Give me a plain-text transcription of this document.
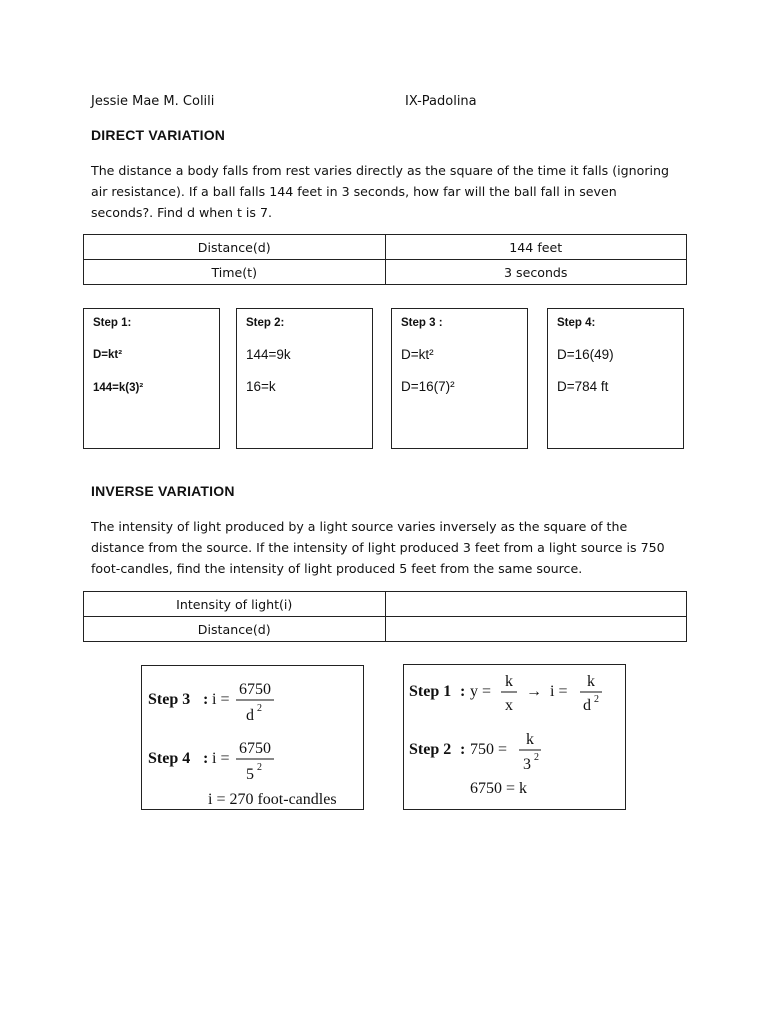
Jessie Mae M. Colili	IX-Padolina
DIRECT VARIATION
The distance a body falls from rest varies directly as the square of the time it falls (ignoring air resistance). If a ball falls 144 feet in 3 seconds, how far will the ball fall in seven seconds?. Find d when t is 7.
Distance(d)	144 feet
Time(t)	3 seconds
Step 1:
D=kt²
144=k(3)²
Step 2:
144=9k
16=k
Step 3 :
D=kt²
D=16(7)²
Step 4:
D=16(49)
D=784 ft
INVERSE VARIATION
The intensity of light produced by a light source varies inversely as the square of the distance from the source. If the intensity of light produced 3 feet from a light source is 750 foot-candles, find the intensity of light produced 5 feet from the same source.
Intensity of light(i)	
Distance(d)	
Step 3 : i =
6750
d 2
Step 4 : i =
6750
5 2
i = 270 foot-candles
Step 1 : y =
k
x
→ i =
k
d 2
Step 2 : 750 =
k
3 2
6750 = k
